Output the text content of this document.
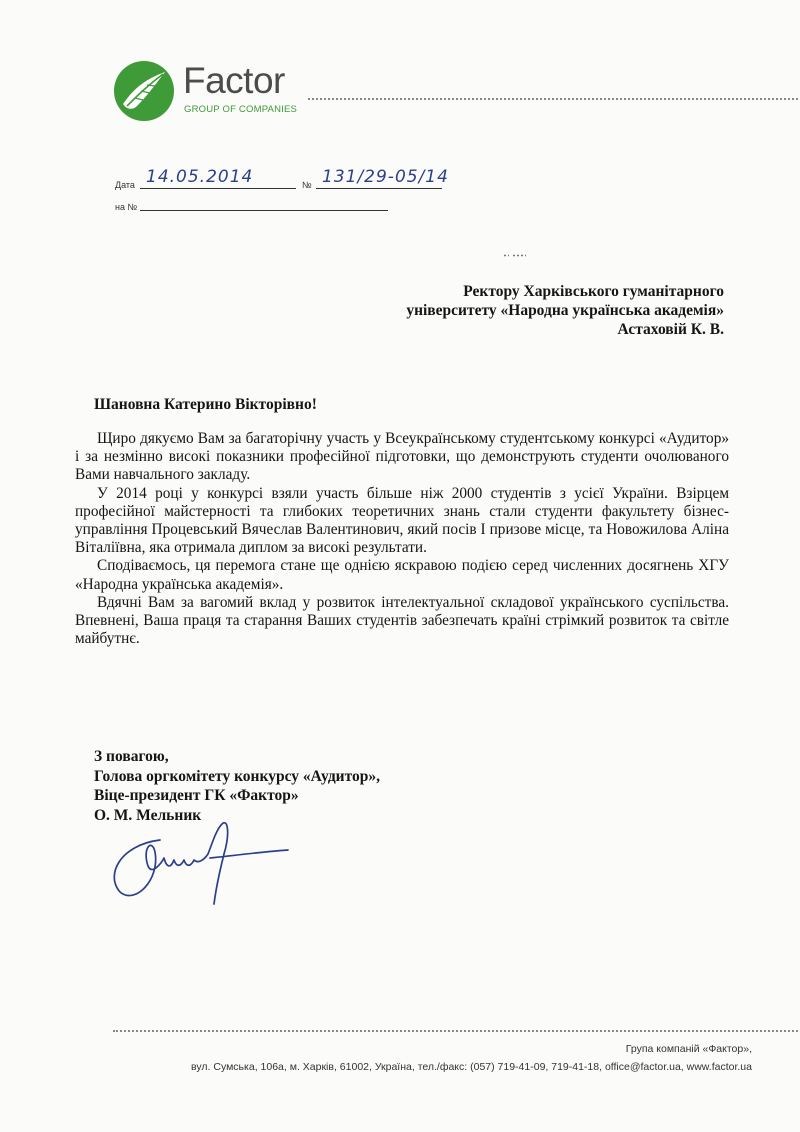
Factor
GROUP OF COMPANIES
Дата 14.05.2014	№ 131/29-05/14
на №
Ректору Харківського гуманітарного
університету «Народна українська академія»
Астаховій К. В.
Шановна Катерино Вікторівно!

Щиро дякуємо Вам за багаторічну участь у Всеукраїнському студентському конкурсі «Аудитор» і за незмінно високі показники професійної підготовки, що демонструють студенти очолюваного Вами навчального закладу.

У 2014 році у конкурсі взяли участь більше ніж 2000 студентів з усієї України. Взірцем професійної майстерності та глибоких теоретичних знань стали студенти факультету бізнес-управління Процевський Вячеслав Валентинович, який посів І призове місце, та Новожилова Аліна Віталіївна, яка отримала диплом за високі результати.

Сподіваємось, ця перемога стане ще однією яскравою подією серед численних досягнень ХГУ «Народна українська академія».

Вдячні Вам за вагомий вклад у розвиток інтелектуальної складової українського суспільства. Впевнені, Ваша праця та старання Ваших студентів забезпечать країні стрімкий розвиток та світле майбутнє.

З повагою,
Голова оргкомітету конкурсу «Аудитор»,
Віце-президент ГК «Фактор»
О. М. Мельник
Група компаній «Фактор»,
вул. Сумська, 106а, м. Харків, 61002, Україна, тел./факс: (057) 719-41-09, 719-41-18, office@factor.ua, www.factor.ua
